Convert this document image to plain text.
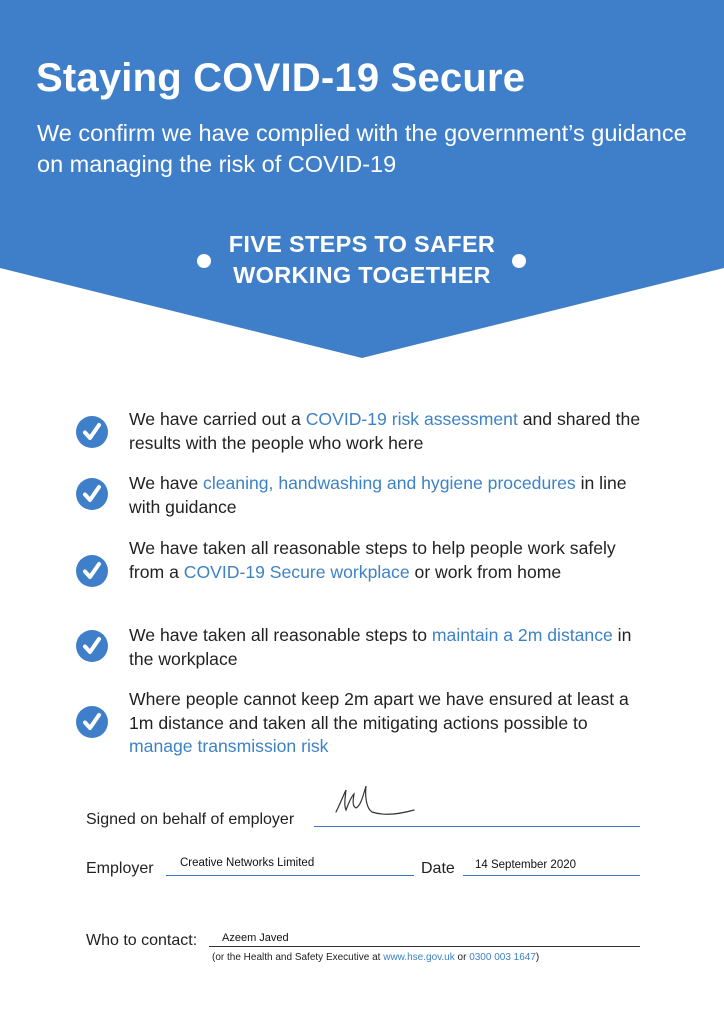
Staying COVID-19 Secure

We confirm we have complied with the government’s guidance on managing the risk of COVID-19

FIVE STEPS TO SAFER
WORKING TOGETHER

We have carried out a COVID-19 risk assessment and shared the results with the people who work here

We have cleaning, handwashing and hygiene procedures in line with guidance

We have taken all reasonable steps to help people work safely from a COVID-19 Secure workplace or work from home

We have taken all reasonable steps to maintain a 2m distance in the workplace

Where people cannot keep 2m apart we have ensured at least a 1m distance and taken all the mitigating actions possible to manage transmission risk

Signed on behalf of employer
Employer Creative Networks Limited	Date 14 September 2020
Who to contact: Azeem Javed
(or the Health and Safety Executive at www.hse.gov.uk or 0300 003 1647)
